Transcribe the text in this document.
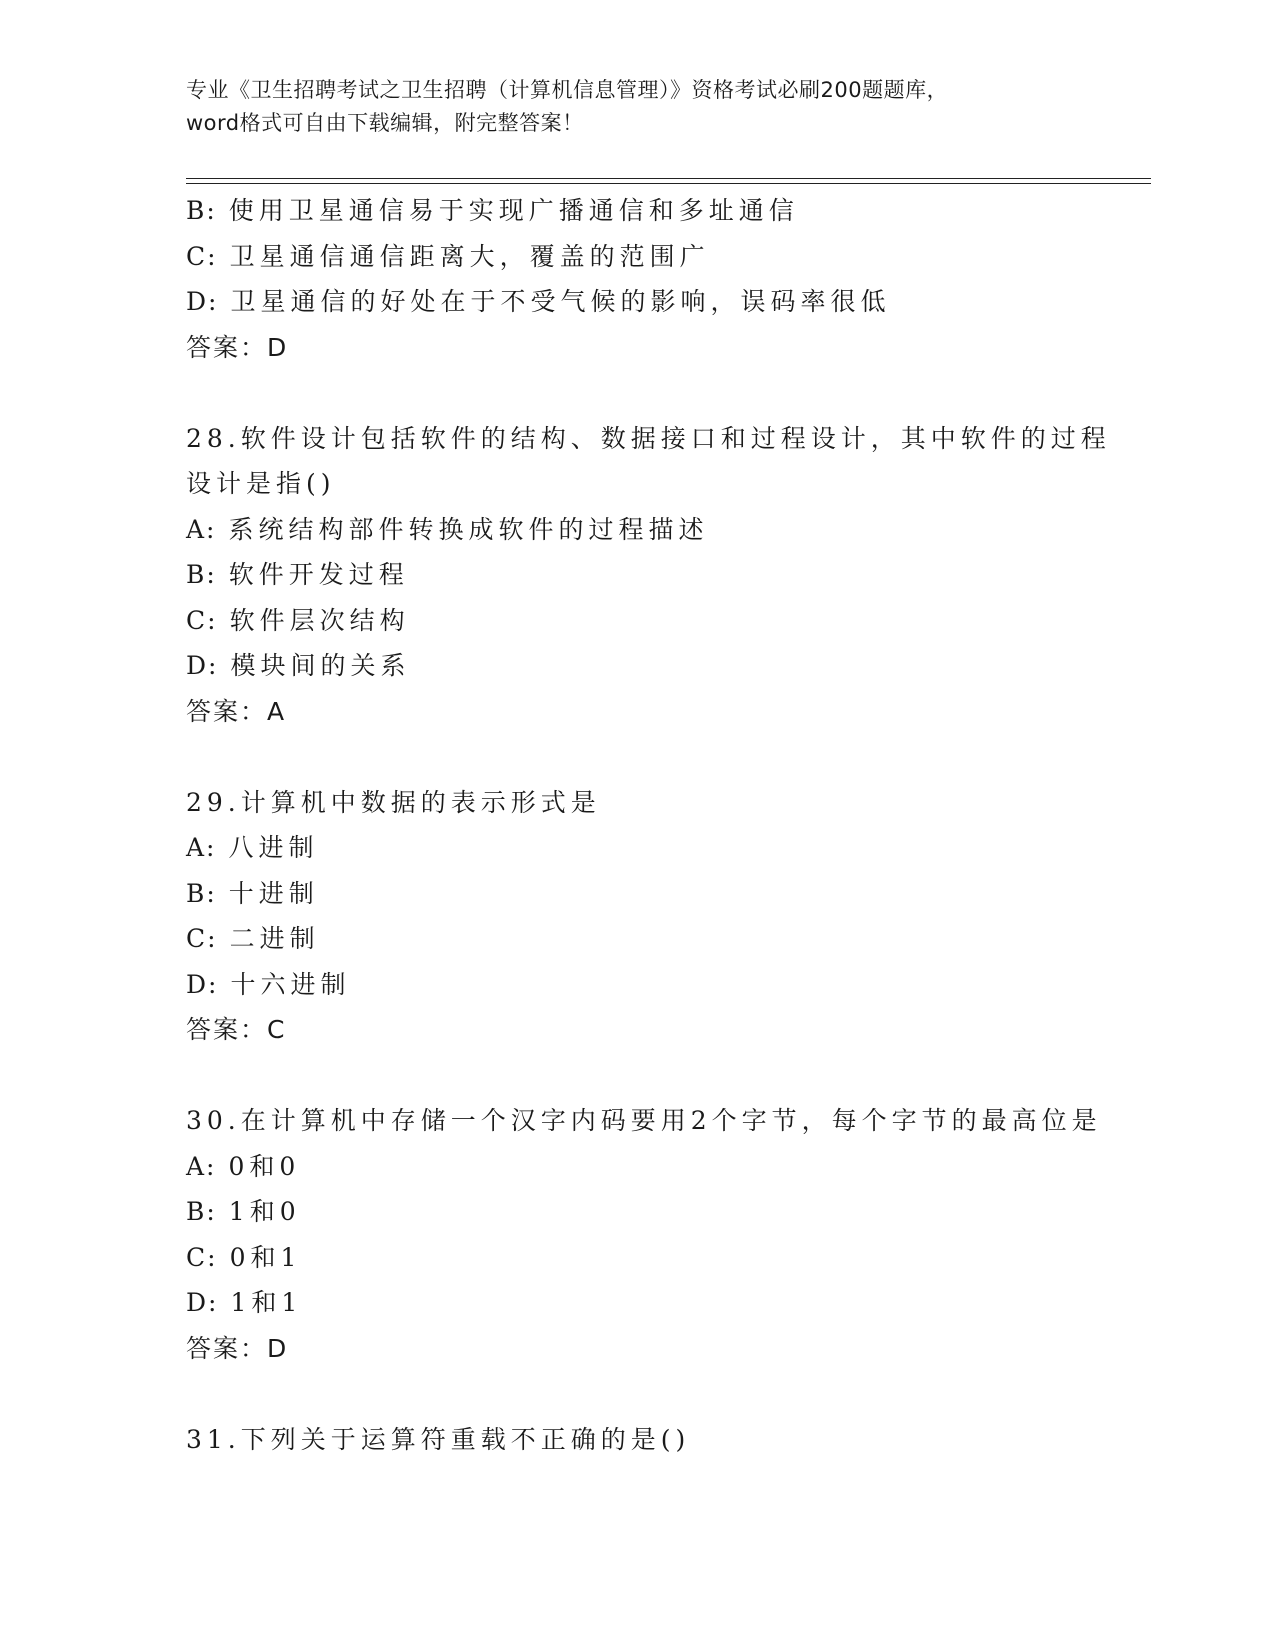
专业《卫生招聘考试之卫生招聘（计算机信息管理）》资格考试必刷200题题库，
word格式可自由下载编辑，附完整答案！
B: 使用卫星通信易于实现广播通信和多址通信
C: 卫星通信通信距离大，覆盖的范围广
D: 卫星通信的好处在于不受气候的影响，误码率很低
答案：D
28.软件设计包括软件的结构、数据接口和过程设计，其中软件的过程
设计是指()
A: 系统结构部件转换成软件的过程描述
B: 软件开发过程
C: 软件层次结构
D: 模块间的关系
答案：A
29.计算机中数据的表示形式是
A: 八进制
B: 十进制
C: 二进制
D: 十六进制
答案：C
30.在计算机中存储一个汉字内码要用2个字节，每个字节的最高位是
A: 0和0
B: 1和0
C: 0和1
D: 1和1
答案：D
31.下列关于运算符重载不正确的是()
